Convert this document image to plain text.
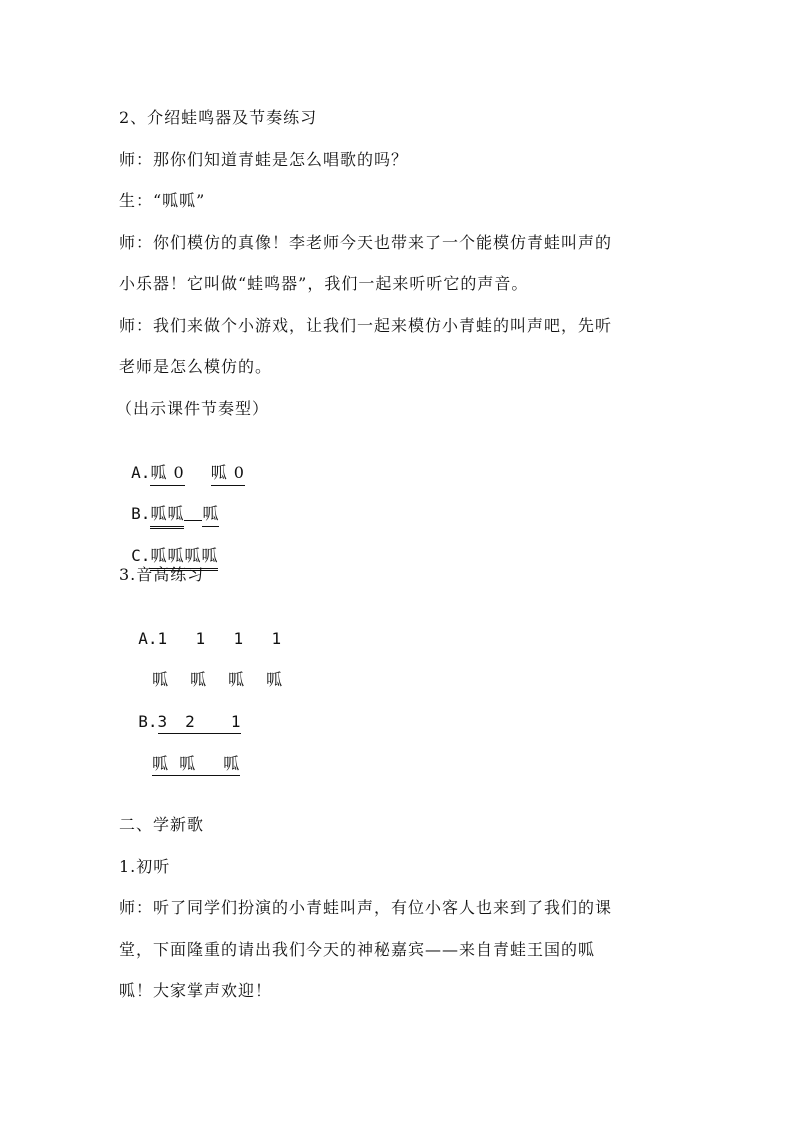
2、介绍蛙鸣器及节奏练习
师：那你们知道青蛙是怎么唱歌的吗？
生：“呱呱”
师：你们模仿的真像！李老师今天也带来了一个能模仿青蛙叫声的
小乐器！它叫做“蛙鸣器”，我们一起来听听它的声音。
师：我们来做个小游戏，让我们一起来模仿小青蛙的叫声吧，先听
老师是怎么模仿的。
（出示课件节奏型）

A.呱 0 呱 0

B.呱呱 呱

C.呱呱呱呱

3.音高练习

A.1 1 1 1

呱 呱 呱 呱

B.3 2 1

呱 呱 呱

二、学新歌
1.初听
师：听了同学们扮演的小青蛙叫声，有位小客人也来到了我们的课
堂，下面隆重的请出我们今天的神秘嘉宾——来自青蛙王国的呱
呱！大家掌声欢迎！
